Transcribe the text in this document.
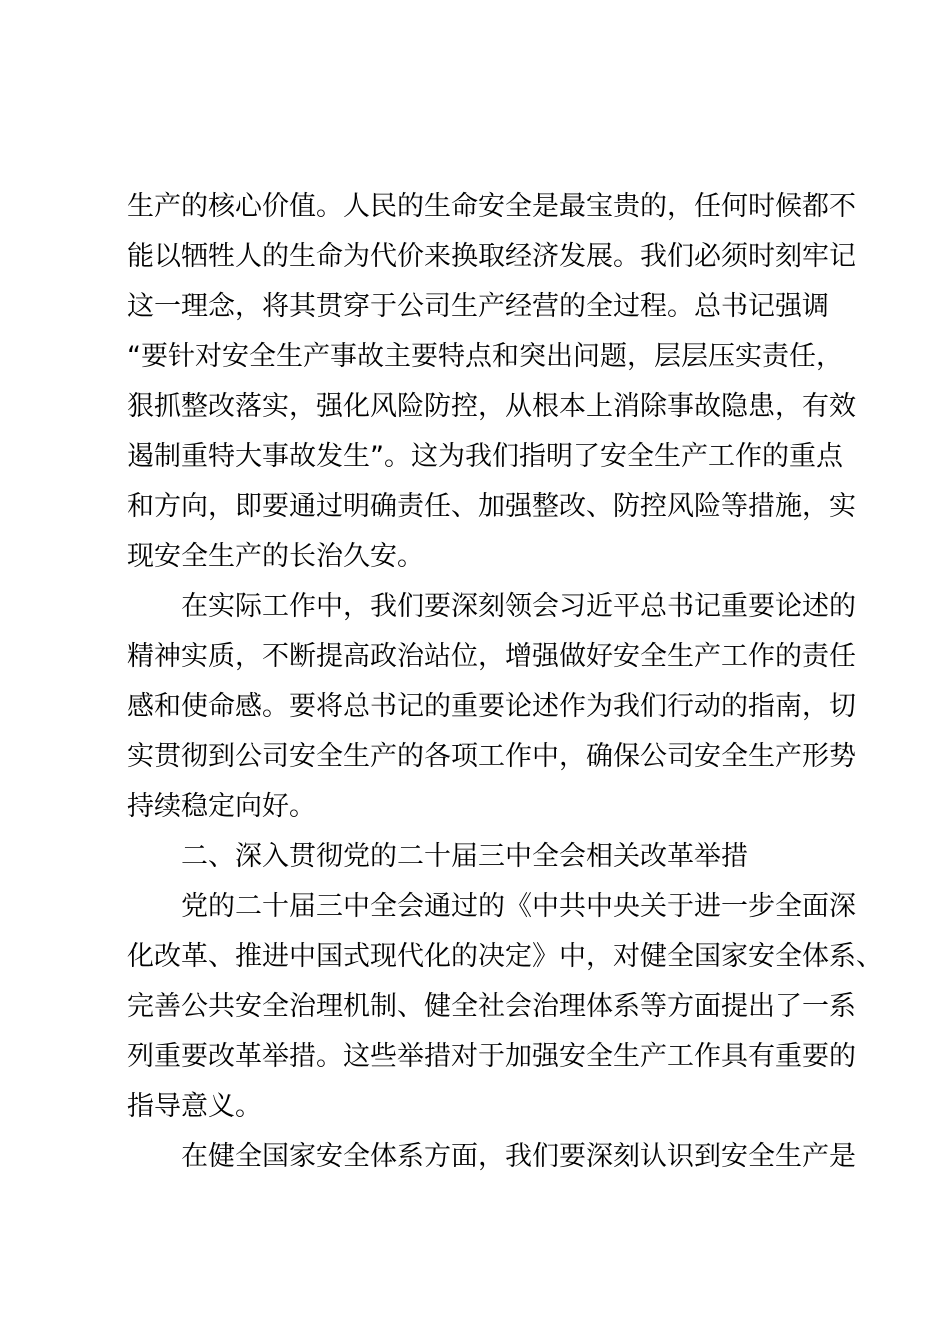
生产的核心价值。人民的生命安全是最宝贵的，任何时候都不
能以牺牲人的生命为代价来换取经济发展。我们必须时刻牢记
这一理念，将其贯穿于公司生产经营的全过程。总书记强调
“要针对安全生产事故主要特点和突出问题，层层压实责任，
狠抓整改落实，强化风险防控，从根本上消除事故隐患，有效
遏制重特大事故发生”。这为我们指明了安全生产工作的重点
和方向，即要通过明确责任、加强整改、防控风险等措施，实
现安全生产的长治久安。
　　在实际工作中，我们要深刻领会习近平总书记重要论述的
精神实质，不断提高政治站位，增强做好安全生产工作的责任
感和使命感。要将总书记的重要论述作为我们行动的指南，切
实贯彻到公司安全生产的各项工作中，确保公司安全生产形势
持续稳定向好。
　　二、深入贯彻党的二十届三中全会相关改革举措
　　党的二十届三中全会通过的《中共中央关于进一步全面深
化改革、推进中国式现代化的决定》中，对健全国家安全体系、
完善公共安全治理机制、健全社会治理体系等方面提出了一系
列重要改革举措。这些举措对于加强安全生产工作具有重要的
指导意义。
　　在健全国家安全体系方面，我们要深刻认识到安全生产是
